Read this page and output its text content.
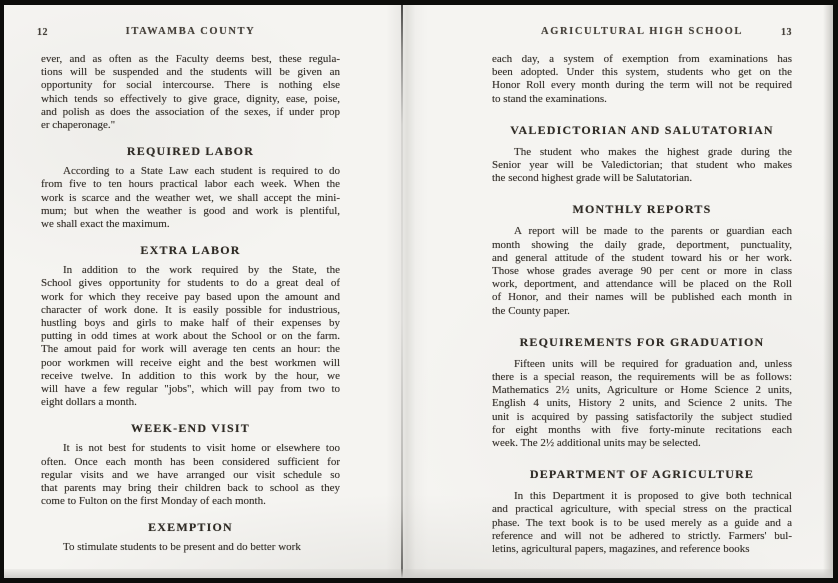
12	ITAWAMBA COUNTY
ever, and as often as the Faculty deems best, these regula-
tions will be suspended and the students will be given an
opportunity for social intercourse. There is nothing else
which tends so effectively to give grace, dignity, ease, poise,
and polish as does the association of the sexes, if under prop
er chaperonage."
REQUIRED LABOR
According to a State Law each student is required to do
from five to ten hours practical labor each week. When the
work is scarce and the weather wet, we shall accept the mini-
mum; but when the weather is good and work is plentiful,
we shall exact the maximum.
EXTRA LABOR
In addition to the work required by the State, the
School gives opportunity for students to do a great deal of
work for which they receive pay based upon the amount and
character of work done. It is easily possible for industrious,
hustling boys and girls to make half of their expenses by
putting in odd times at work about the School or on the farm.
The amout paid for work will average ten cents an hour: the
poor workmen will receive eight and the best workmen will
receive twelve. In addition to this work by the hour, we
will have a few regular "jobs", which will pay from two to
eight dollars a month.
WEEK-END VISIT
It is not best for students to visit home or elsewhere too
often. Once each month has been considered sufficient for
regular visits and we have arranged our visit schedule so
that parents may bring their children back to school as they
come to Fulton on the first Monday of each month.
EXEMPTION
To stimulate students to be present and do better work
AGRICULTURAL HIGH SCHOOL	13
each day, a system of exemption from examinations has
been adopted. Under this system, students who get on the
Honor Roll every month during the term will not be required
to stand the examinations.
VALEDICTORIAN AND SALUTATORIAN
The student who makes the highest grade during the
Senior year will be Valedictorian; that student who makes
the second highest grade will be Salutatorian.
MONTHLY REPORTS
A report will be made to the parents or guardian each
month showing the daily grade, deportment, punctuality,
and general attitude of the student toward his or her work.
Those whose grades average 90 per cent or more in class
work, deportment, and attendance will be placed on the Roll
of Honor, and their names will be published each month in
the County paper.
REQUIREMENTS FOR GRADUATION
Fifteen units will be required for graduation and, unless
there is a special reason, the requirements will be as follows:
Mathematics 2½ units, Agriculture or Home Science 2 units,
English 4 units, History 2 units, and Science 2 units. The
unit is acquired by passing satisfactorily the subject studied
for eight months with five forty-minute recitations each
week. The 2½ additional units may be selected.
DEPARTMENT OF AGRICULTURE
In this Department it is proposed to give both technical
and practical agriculture, with special stress on the practical
phase. The text book is to be used merely as a guide and a
reference and will not be adhered to strictly. Farmers' bul-
letins, agricultural papers, magazines, and reference books
